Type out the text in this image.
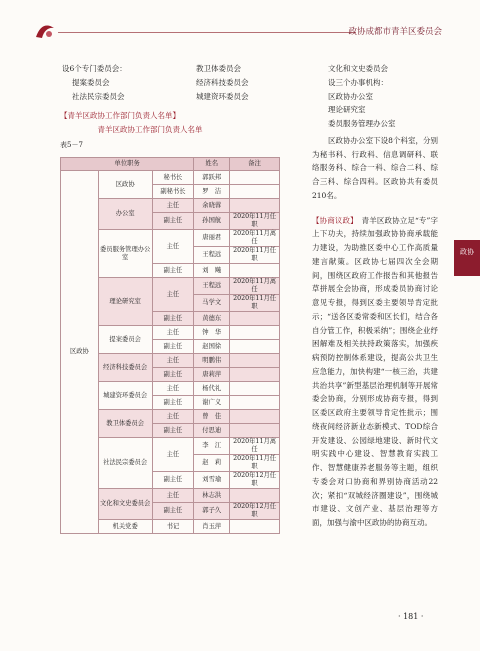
政协成都市青羊区委员会
政协
设6个专门委员会：
提案委员会
社法民宗委员会
教卫体委员会
经济科技委员会
城建资环委员会
文化和文史委员会
设三个办事机构：
区政协办公室
理论研究室
委员服务管理办公室
区政协办公室下设8个科室，分别为秘书科、行政科、信息调研科、联络服务科、综合一科、综合二科、综合三科、综合四科。区政协共有委员210名。
【协商议政】　 青羊区政协立足“专”字上下功夫，持续加强政协协商承载能力建设，为助推区委中心工作高质量建言献策。区政协七届四次全会期间，围绕区政府工作报告和其他报告草拼展全会协商，形成委员协商讨论意见专报，得到区委主要领导肯定批示；“送各区委常委和区长们，结合各自分管工作，积极采纳”；围绕企业纾困解难及相关扶持政策落实，加强疾病预防控制体系建设，提高公共卫生应急能力，加快构建“一核三治，共建共治共享”新型基层治理机制等开展常委会协商，分别形成协商专报，得到区委区政府主要领导肯定性批示；围绕夜间经济新业态新模式、TOD综合开发建设、公园绿地建设、新时代文明实践中心建设、智慧教育实践工作、智慧健康养老服务等主题，组织专委会对口协商和界别协商活动22次；紧扣“双城经济圈建设”，围绕城市建设、文创产业、基层治理等方面，加强与渝中区政协的协商互动。
【青羊区政协工作部门负责人名单】
青羊区政协工作部门负责人名单
表5－7
单位职务			姓名	备注
区政协	区政协	秘书长	郭跃邦	
		副秘书长	罗　洁	
	办公室	主任	余晓蓉	
		副主任	孙国航	2020年11月任职
	委员服务管理办公室	主任	唐丽君	2020年11月离任
			王程远	2020年11月任职
		副主任	刘　飚	
	理论研究室	主任	王程远	2020年11月离任
			马学文	2020年11月任职
		副主任	黄德东	
	提案委员会	主任	钟　华	
		副主任	赵国徐	
	经济科技委员会	主任	明鹏伟	
		副主任	唐莉萍	
	城建资环委员会	主任	杨代礼	
		副主任	谢广义	
	教卫体委员会	主任	曾　佳	
		副主任	付思迪	
	社法民宗委员会	主任	李　江	2020年11月离任
			赵　莉	2020年11月任职
		副主任	刘雪瑜	2020年12月任职
	文化和文史委员会	主任	林志洪	
		副主任	郭子久	2020年12月任职
	机关党委	书记	肖玉萍	
· 181 ·
